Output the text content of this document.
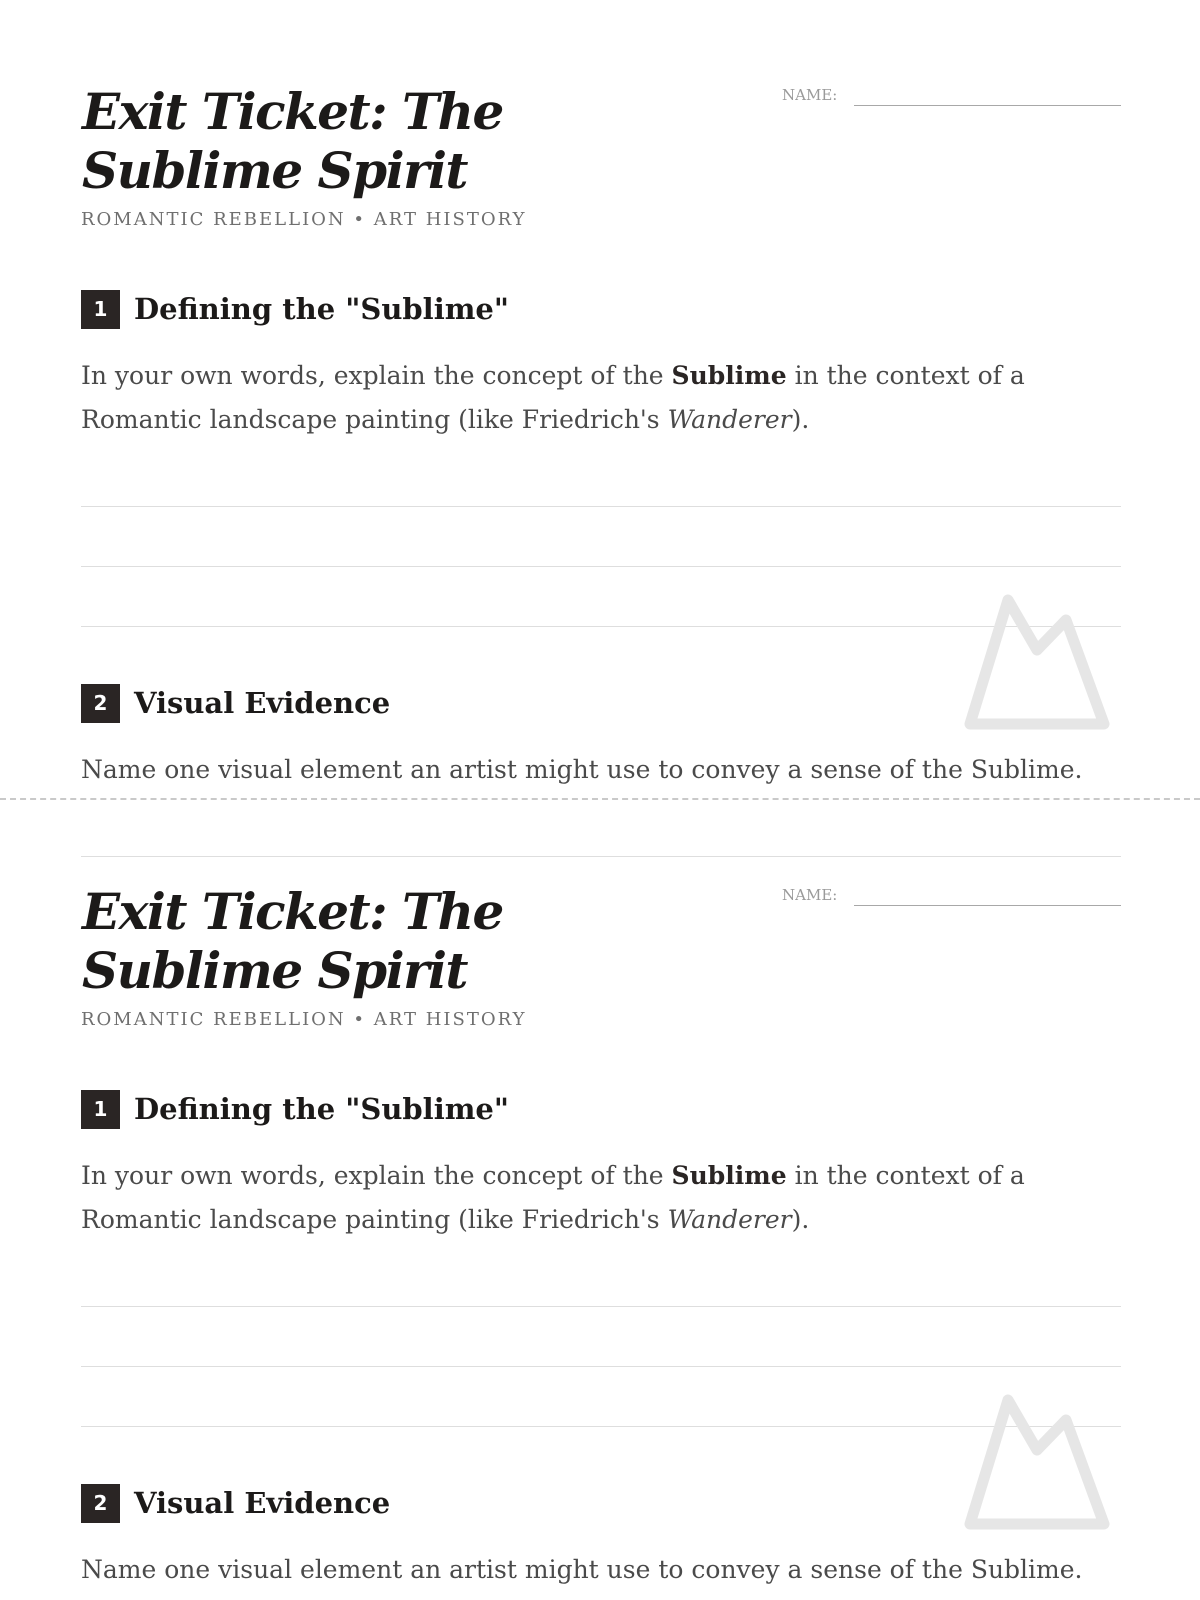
Exit Ticket: The Sublime Spirit
ROMANTIC REBELLION • ART HISTORY
NAME:
1 Defining the "Sublime"
In your own words, explain the concept of the Sublime in the context of a
Romantic landscape painting (like Friedrich's Wanderer).
2 Visual Evidence
Name one visual element an artist might use to convey a sense of the Sublime.
Exit Ticket: The Sublime Spirit
ROMANTIC REBELLION • ART HISTORY
NAME:
1 Defining the "Sublime"
In your own words, explain the concept of the Sublime in the context of a
Romantic landscape painting (like Friedrich's Wanderer).
2 Visual Evidence
Name one visual element an artist might use to convey a sense of the Sublime.
